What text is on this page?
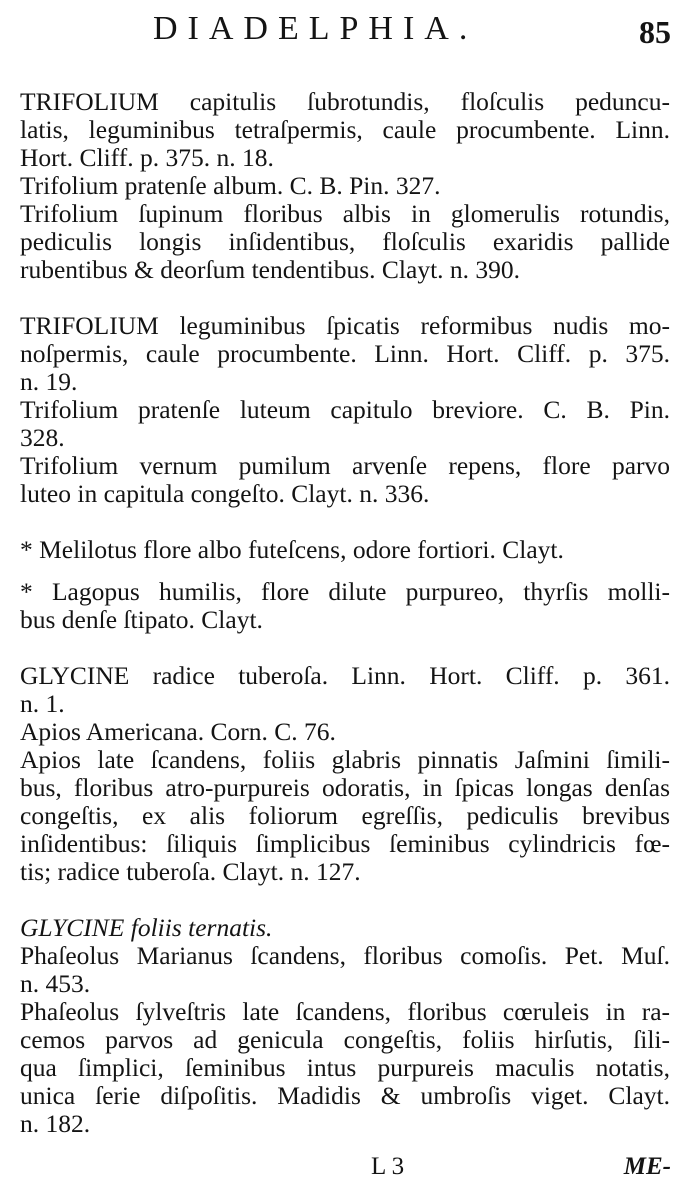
DIADELPHIA.	85
TRIFOLIUM capitulis ſubrotundis, floſculis peduncu-
latis, leguminibus tetraſpermis, caule procumbente. Linn.
Hort. Cliff. p. 375. n. 18.
Trifolium pratenſe album. C. B. Pin. 327.
Trifolium ſupinum floribus albis in glomerulis rotundis,
pediculis longis inſidentibus, floſculis exaridis pallide
rubentibus & deorſum tendentibus. Clayt. n. 390.
TRIFOLIUM leguminibus ſpicatis reformibus nudis mo-
noſpermis, caule procumbente. Linn. Hort. Cliff. p. 375.
n. 19.
Trifolium pratenſe luteum capitulo breviore. C. B. Pin.
328.
Trifolium vernum pumilum arvenſe repens, flore parvo
luteo in capitula congeſto. Clayt. n. 336.
* Melilotus flore albo futeſcens, odore fortiori. Clayt.
* Lagopus humilis, flore dilute purpureo, thyrſis molli-
bus denſe ſtipato. Clayt.
GLYCINE radice tuberoſa. Linn. Hort. Cliff. p. 361.
n. 1.
Apios Americana. Corn. C. 76.
Apios late ſcandens, foliis glabris pinnatis Jaſmini ſimili-
bus, floribus atro-purpureis odoratis, in ſpicas longas denſas
congeſtis, ex alis foliorum egreſſis, pediculis brevibus
inſidentibus: ſiliquis ſimplicibus ſeminibus cylindricis fœ-
tis; radice tuberoſa. Clayt. n. 127.
GLYCINE foliis ternatis.
Phaſeolus Marianus ſcandens, floribus comoſis. Pet. Muſ.
n. 453.
Phaſeolus ſylveſtris late ſcandens, floribus cœruleis in ra-
cemos parvos ad genicula congeſtis, foliis hirſutis, ſili-
qua ſimplici, ſeminibus intus purpureis maculis notatis,
unica ſerie diſpoſitis. Madidis & umbroſis viget. Clayt.
n. 182.
L 3	ME-
